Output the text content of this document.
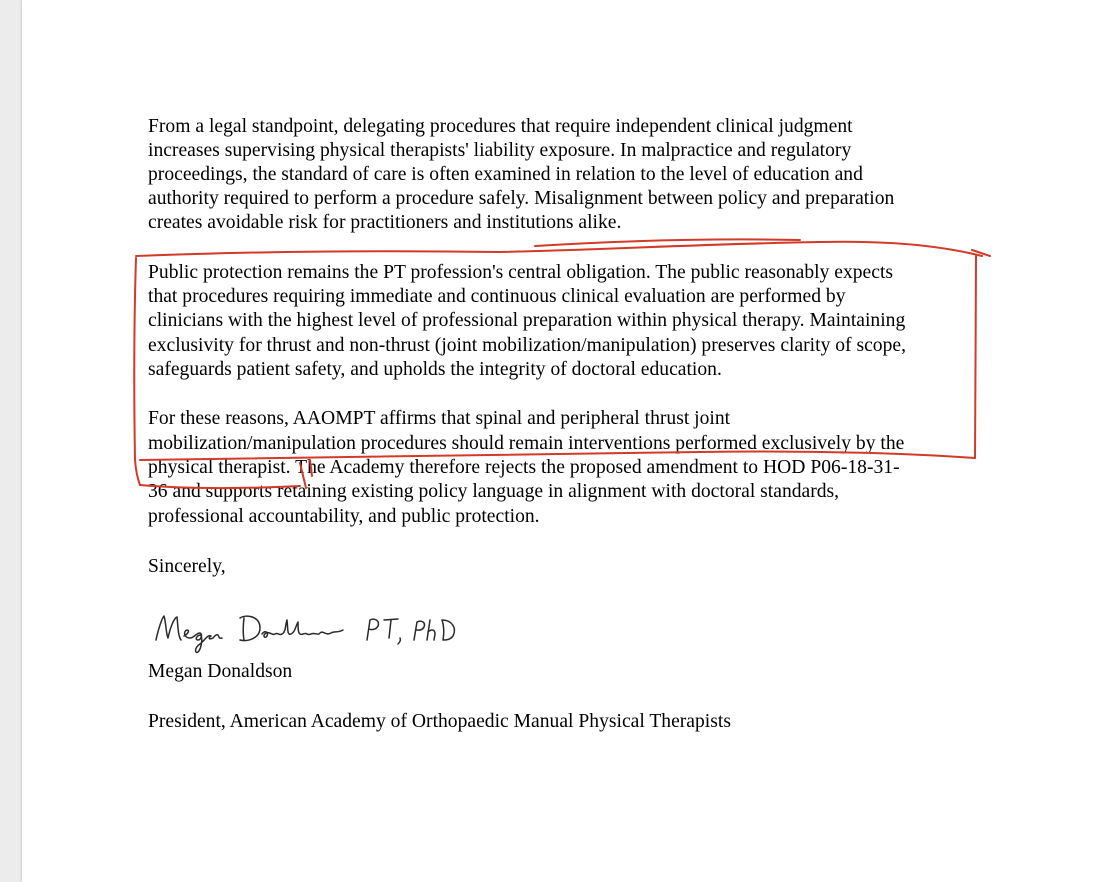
From a legal standpoint, delegating procedures that require independent clinical judgment
increases supervising physical therapists' liability exposure. In malpractice and regulatory
proceedings, the standard of care is often examined in relation to the level of education and
authority required to perform a procedure safely. Misalignment between policy and preparation
creates avoidable risk for practitioners and institutions alike.
Public protection remains the PT profession's central obligation. The public reasonably expects
that procedures requiring immediate and continuous clinical evaluation are performed by
clinicians with the highest level of professional preparation within physical therapy. Maintaining
exclusivity for thrust and non-thrust (joint mobilization/manipulation) preserves clarity of scope,
safeguards patient safety, and upholds the integrity of doctoral education.
For these reasons, AAOMPT affirms that spinal and peripheral thrust joint
mobilization/manipulation procedures should remain interventions performed exclusively by the
physical therapist. The Academy therefore rejects the proposed amendment to HOD P06-18-31-
36 and supports retaining existing policy language in alignment with doctoral standards,
professional accountability, and public protection.
Sincerely,
Megan Donaldson
President, American Academy of Orthopaedic Manual Physical Therapists
